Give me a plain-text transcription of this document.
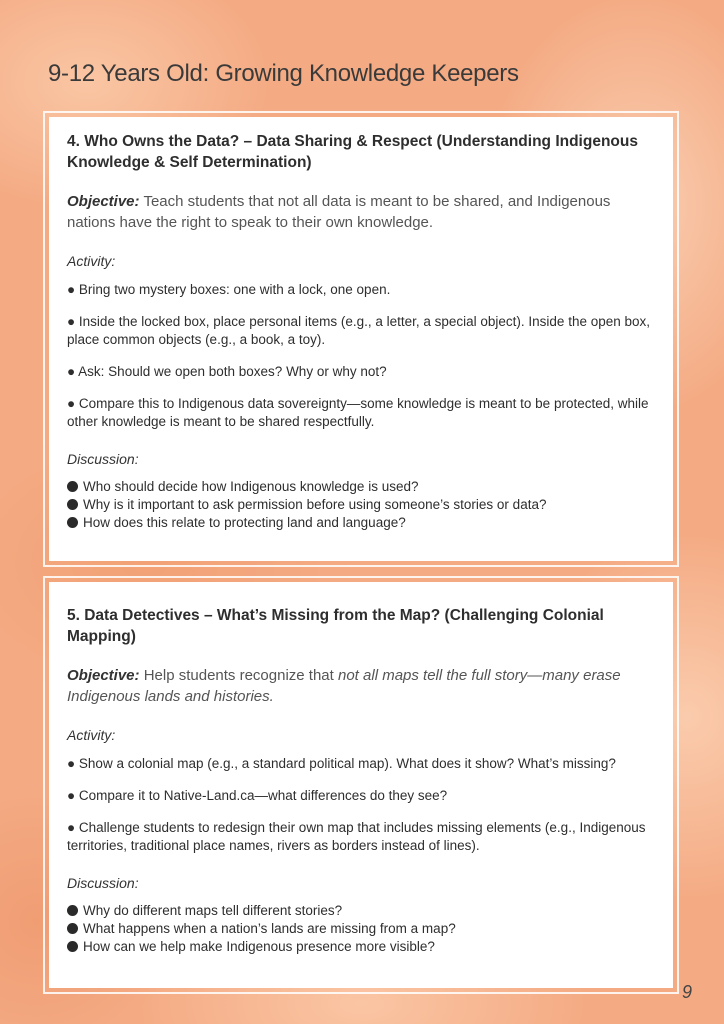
9-12 Years Old: Growing Knowledge Keepers
4. Who Owns the Data? – Data Sharing & Respect (Understanding Indigenous Knowledge & Self Determination)

Objective: Teach students that not all data is meant to be shared, and Indigenous nations have the right to speak to their own knowledge.

Activity:

● Bring two mystery boxes: one with a lock, one open.

● Inside the locked box, place personal items (e.g., a letter, a special object). Inside the open box, place common objects (e.g., a book, a toy).

● Ask: Should we open both boxes? Why or why not?

● Compare this to Indigenous data sovereignty—some knowledge is meant to be protected, while other knowledge is meant to be shared respectfully.

Discussion:

Who should decide how Indigenous knowledge is used?
Why is it important to ask permission before using someone’s stories or data?
How does this relate to protecting land and language?
5. Data Detectives – What’s Missing from the Map? (Challenging Colonial Mapping)

Objective: Help students recognize that not all maps tell the full story—many erase Indigenous lands and histories.

Activity:

● Show a colonial map (e.g., a standard political map). What does it show? What’s missing?

● Compare it to Native-Land.ca—what differences do they see?

● Challenge students to redesign their own map that includes missing elements (e.g., Indigenous territories, traditional place names, rivers as borders instead of lines).

Discussion:

Why do different maps tell different stories?
What happens when a nation’s lands are missing from a map?
How can we help make Indigenous presence more visible?
9
